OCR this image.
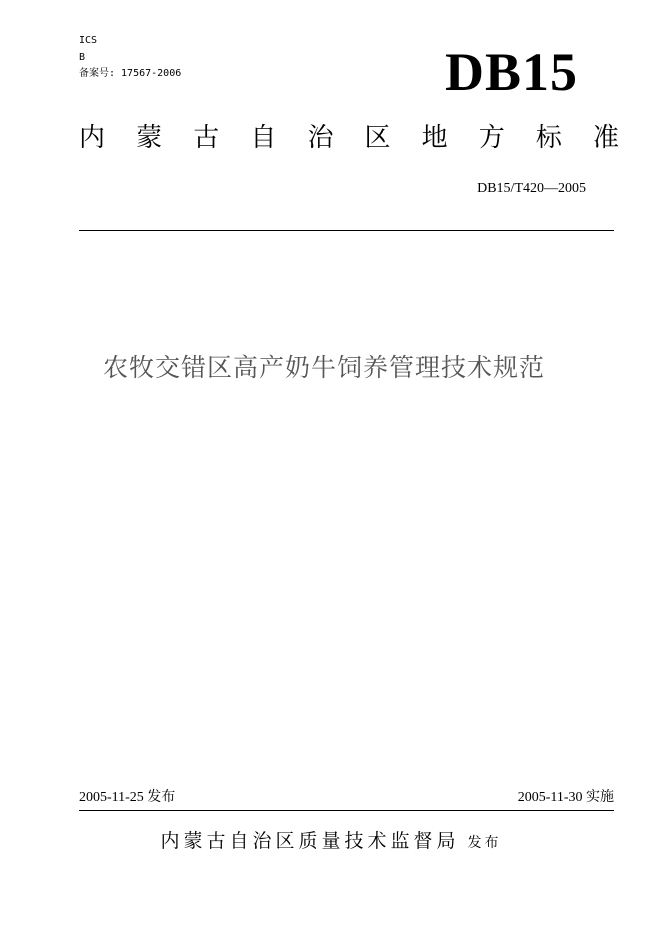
ICS
B
备案号: 17567-2006	DB15
内 蒙 古 自 治 区 地 方 标 准
DB15/T420—2005
农牧交错区高产奶牛饲养管理技术规范
2005-11-25 发布	2005-11-30 实施
内蒙古自治区质量技术监督局 发布
